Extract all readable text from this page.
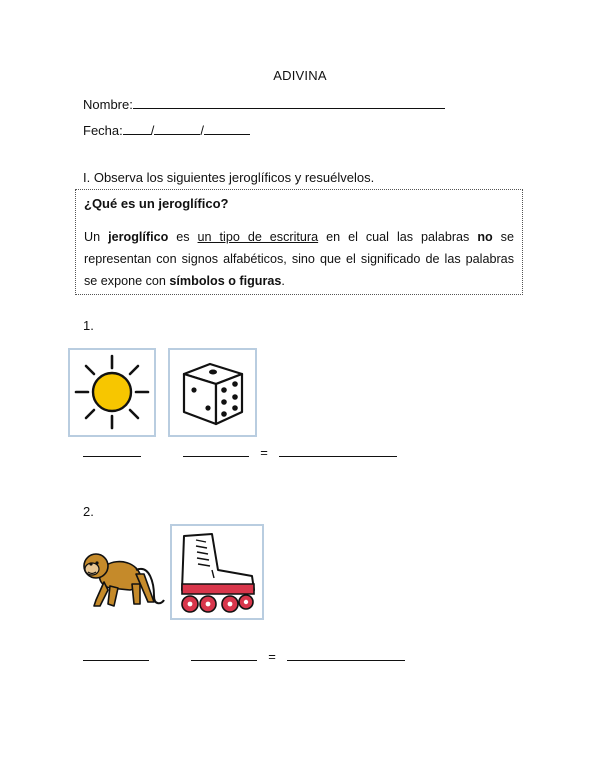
ADIVINA
Nombre:
Fecha: /	/
I. Observa los siguientes jeroglíficos y resuélvelos.
¿Qué es un jeroglífico?

Un jeroglífico es un tipo de escritura en el cual las palabras no se representan con signos alfabéticos, sino que el significado de las palabras se expone con símbolos o figuras.

1.
=
2.
=
